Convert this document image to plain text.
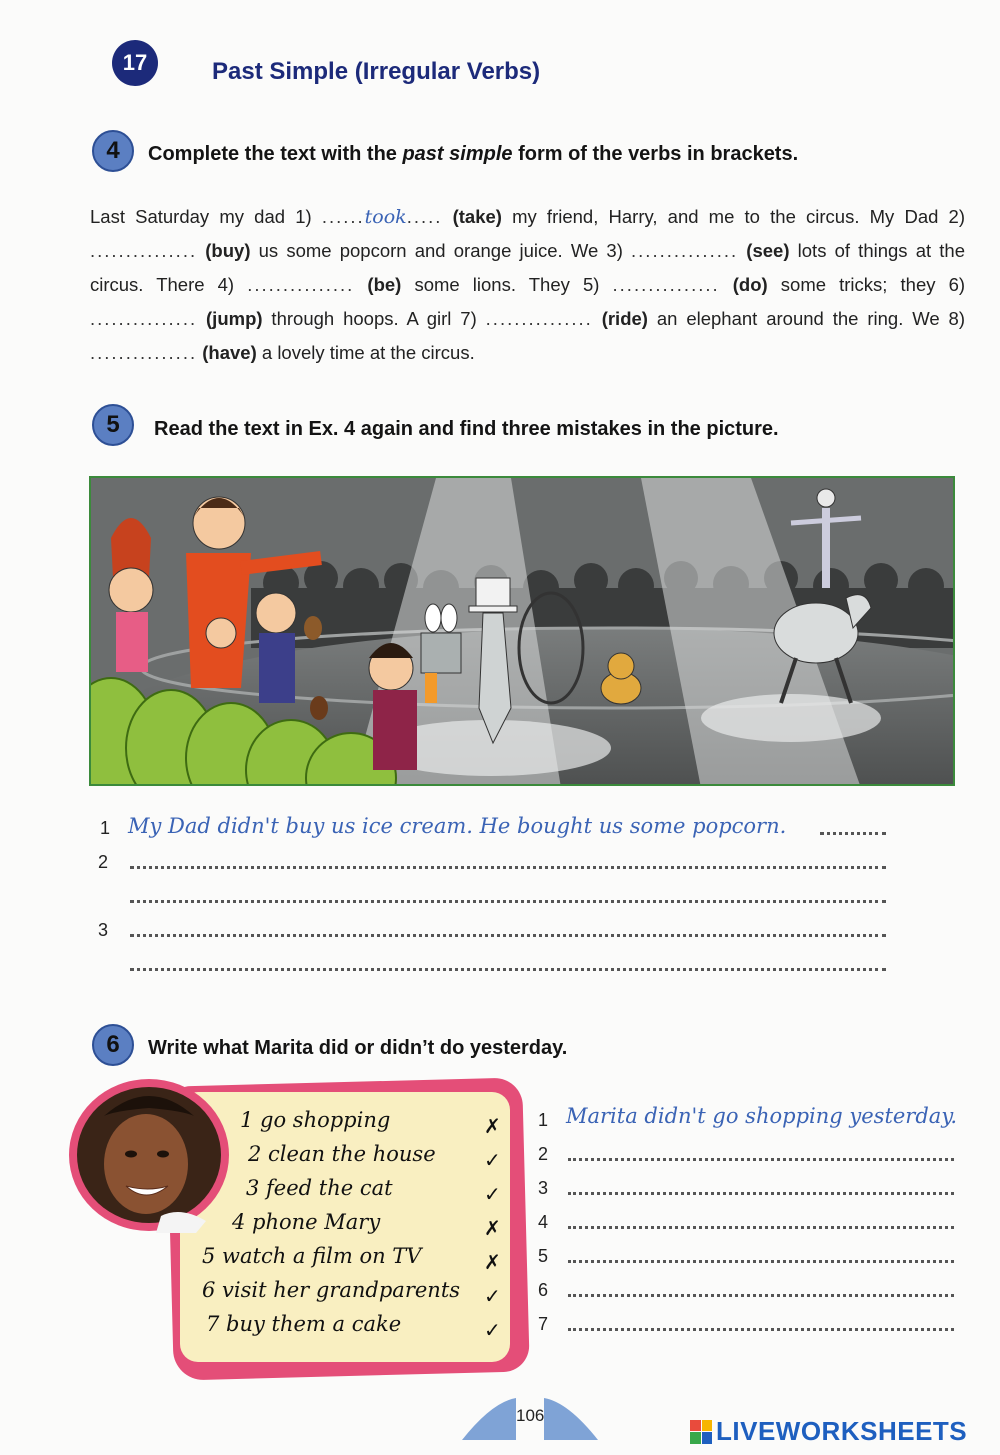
17	Past Simple (Irregular Verbs)
4	Complete the text with the past simple form of the verbs in brackets.
Last Saturday my dad 1) ......took..... (take) my friend, Harry, and me to the circus. My Dad 2) ............... (buy) us some popcorn and orange juice. We 3) ............... (see) lots of things at the circus. There 4) ............... (be) some lions. They 5) ............... (do) some tricks; they 6) ............... (jump) through hoops. A girl 7) ............... (ride) an elephant around the ring. We 8) ............... (have) a lovely time at the circus.
5	Read the text in Ex. 4 again and find three mistakes in the picture.
1 My Dad didn't buy us ice cream. He bought us some popcorn.
2
3
6	Write what Marita did or didn’t do yesterday.
1 go shopping	✗
2 clean the house ✓
3 feed the cat	✓
4 phone Mary	✗
5 watch a film on TV	✗
6 visit her grandparents ✓
7 buy them a cake	✓
1 Marita didn't go shopping yesterday.
2
3
4
5
6
7
106
LIVEWORKSHEETS
